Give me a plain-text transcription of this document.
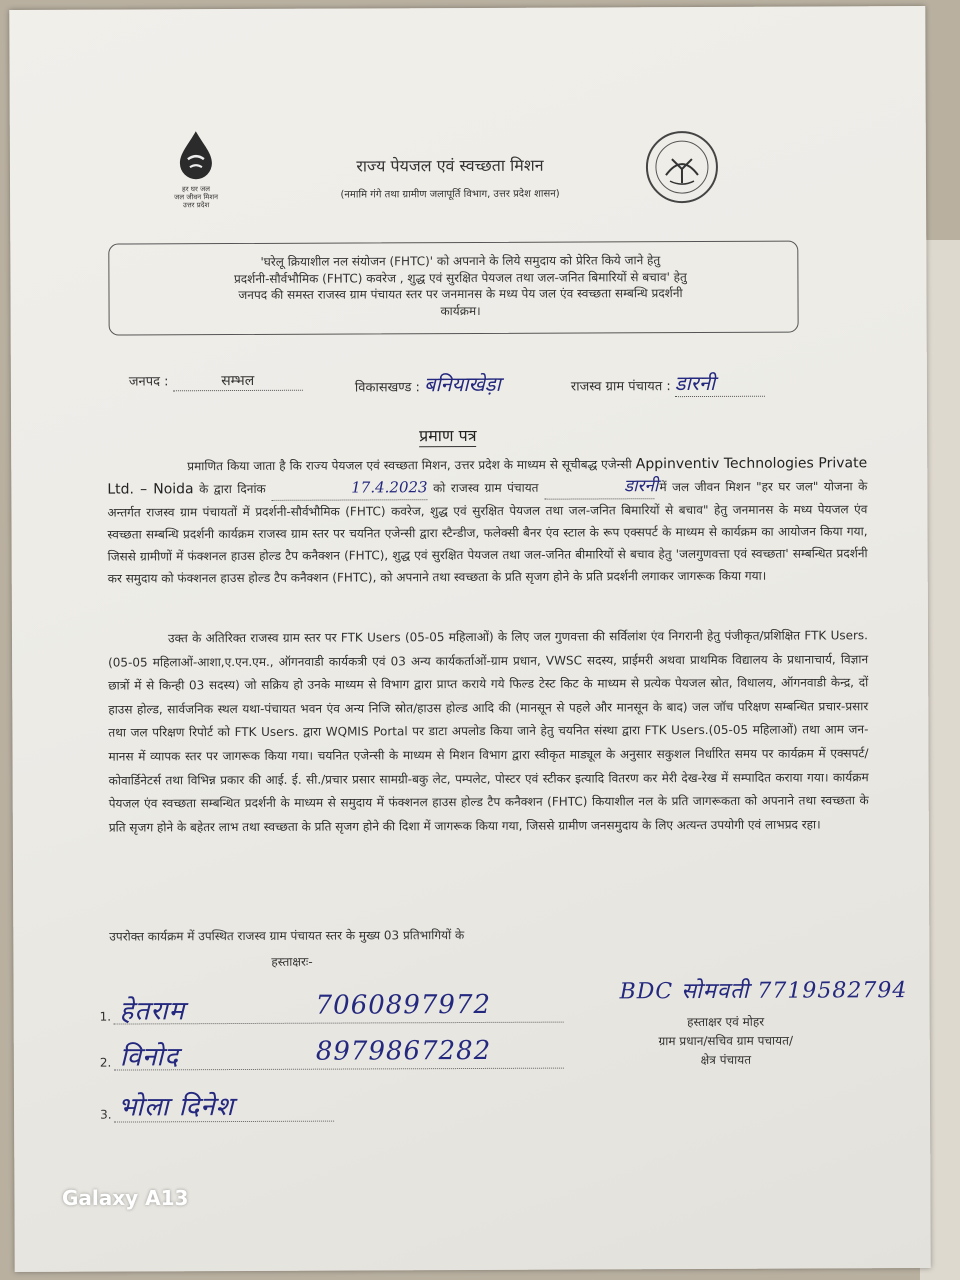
हर घर जल
जल जीवन मिशन
उत्तर प्रदेश
राज्य पेयजल एवं स्वच्छता मिशन
(नमामि गंगे तथा ग्रामीण जलापूर्ति विभाग, उत्तर प्रदेश शासन)
'घरेलू क्रियाशील नल संयोजन (FHTC)' को अपनाने के लिये समुदाय को प्रेरित किये जाने हेतु
प्रदर्शनी-सौर्वभौमिक (FHTC) कवरेज , शुद्ध एवं सुरक्षित पेयजल तथा जल-जनित बिमारियों से बचाव' हेतु
जनपद की समस्त राजस्व ग्राम पंचायत स्तर पर जनमानस के मध्य पेय जल एंव स्वच्छता सम्बन्धि प्रदर्शनी
कार्यक्रम।
जनपद :	सम्भल	विकासखण्ड : बनियाखेड़ा	राजस्व ग्राम पंचायत : डारनी
प्रमाण पत्र
प्रमाणित किया जाता है कि राज्य पेयजल एवं स्वच्छता मिशन, उत्तर प्रदेश के माध्यम से सूचीबद्ध एजेन्सी Appinventiv Technologies Private Ltd. – Noida के द्वारा दिनांक	17.4.2023 को राजस्व ग्राम पंचायत	डारनी में जल जीवन मिशन "हर घर जल" योजना के अन्तर्गत राजस्व ग्राम पंचायतों में प्रदर्शनी-सौर्वभौमिक (FHTC) कवरेज, शुद्ध एवं सुरक्षित पेयजल तथा जल-जनित बिमारियों से बचाव" हेतु जनमानस के मध्य पेयजल एंव स्वच्छता सम्बन्धि प्रदर्शनी कार्यक्रम राजस्व ग्राम स्तर पर चयनित एजेन्सी द्वारा स्टैन्डीज, फलेक्सी बैनर एंव स्टाल के रूप एक्सपर्ट के माध्यम से कार्यक्रम का आयोजन किया गया, जिससे ग्रामीणों में फंक्शनल हाउस होल्ड टैप कनैक्शन (FHTC), शुद्ध एवं सुरक्षित पेयजल तथा जल-जनित बीमारियों से बचाव हेतु 'जलगुणवत्ता एवं स्वच्छता' सम्बन्धित प्रदर्शनी कर समुदाय को फंक्शनल हाउस होल्ड टैप कनैक्शन (FHTC), को अपनाने तथा स्वच्छता के प्रति सृजग होने के प्रति प्रदर्शनी लगाकर जागरूक किया गया।
उक्त के अतिरिक्त राजस्व ग्राम स्तर पर FTK Users (05-05 महिलाओं) के लिए जल गुणवत्ता की सर्विलांश एंव निगरानी हेतु पंजीकृत/प्रशिक्षित FTK Users.(05-05 महिलाओं-आशा,ए.एन.एम., ऑगनवाडी कार्यकत्री एवं 03 अन्य कार्यकर्ताओं-ग्राम प्रधान, VWSC सदस्य, प्राईमरी अथवा प्राथमिक विद्यालय के प्रधानाचार्य, विज्ञान छात्रों में से किन्ही 03 सदस्य) जो सक्रिय हो उनके माध्यम से विभाग द्वारा प्राप्त कराये गये फिल्ड टेस्ट किट के माध्यम से प्रत्येक पेयजल स्रोत, विधालय, ऑगनवाडी केन्द्र, दों हाउस होल्ड, सार्वजनिक स्थल यथा-पंचायत भवन एंव अन्य निजि स्रोत/हाउस होल्ड आदि की (मानसून से पहले और मानसून के बाद) जल जॉच परिक्षण सम्बन्धित प्रचार-प्रसार तथा जल परिक्षण रिपोर्ट को FTK Users. द्वारा WQMIS Portal पर डाटा अपलोड किया जाने हेतु चयनित संस्था द्वारा FTK Users.(05-05 महिलाओं) तथा आम जन-मानस में व्यापक स्तर पर जागरूक किया गया। चयनित एजेन्सी के माध्यम से मिशन विभाग द्वारा स्वीकृत माड्यूल के अनुसार सकुशल निर्धारित समय पर कार्यक्रम में एक्सपर्ट/कोवार्डिनेटर्स तथा विभिन्न प्रकार की आई. ई. सी./प्रचार प्रसार सामग्री-बकु लेट, पम्पलेट, पोस्टर एवं स्टीकर इत्यादि वितरण कर मेरी देख-रेख में सम्पादित कराया गया। कार्यक्रम पेयजल एंव स्वच्छता सम्बन्धित प्रदर्शनी के माध्यम से समुदाय में फंक्शनल हाउस होल्ड टैप कनैक्शन (FHTC) कियाशील नल के प्रति जागरूकता को अपनाने तथा स्वच्छता के प्रति सृजग होने के बहेतर लाभ तथा स्वच्छता के प्रति सृजग होने की दिशा में जागरूक किया गया, जिससे ग्रामीण जनसमुदाय के लिए अत्यन्त उपयोगी एवं लाभप्रद रहा।
उपरोक्त कार्यक्रम में उपस्थित राजस्व ग्राम पंचायत स्तर के मुख्य 03 प्रतिभागियों के
हस्ताक्षरः-
1. हेतराम	7060897972
2. विनोद	8979867282
3. भोला दिनेश
BDC सोमवती 7719582794
हस्ताक्षर एवं मोहर
ग्राम प्रधान/सचिव ग्राम पचायत/
क्षेत्र पंचायत
Galaxy A13
